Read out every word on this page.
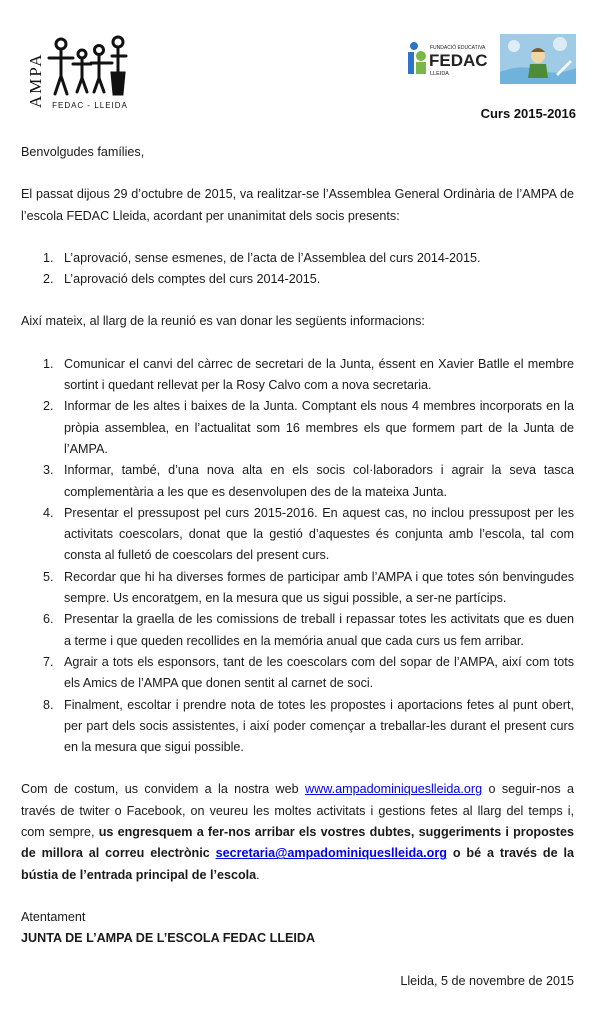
AMPA FEDAC - LLEIDA
FUNDACIÓ EDUCATIVA
FEDAC
LLEIDA
Curs 2015-2016

Benvolgudes famílies,

El passat dijous 29 d’octubre de 2015, va realitzar-se l’Assemblea General Ordinària de l’AMPA de l’escola FEDAC Lleida, acordant per unanimitat dels socis presents:

1. L’aprovació, sense esmenes, de l’acta de l’Assemblea del curs 2014-2015.
2. L’aprovació dels comptes del curs 2014-2015.

Així mateix, al llarg de la reunió es van donar les següents informacions:

1. Comunicar el canvi del càrrec de secretari de la Junta, éssent en Xavier Batlle el membre sortint i quedant rellevat per la Rosy Calvo com a nova secretaria.
2. Informar de les altes i baixes de la Junta. Comptant els nous 4 membres incorporats en la pròpia assemblea, en l’actualitat som 16 membres els que formem part de la Junta de l’AMPA.
3. Informar, també, d’una nova alta en els socis col·laboradors i agrair la seva tasca complementària a les que es desenvolupen des de la mateixa Junta.
4. Presentar el pressupost pel curs 2015-2016. En aquest cas, no inclou pressupost per les activitats coescolars, donat que la gestió d’aquestes és conjunta amb l’escola, tal com consta al fulletó de coescolars del present curs.
5. Recordar que hi ha diverses formes de participar amb l’AMPA i que totes són benvingudes sempre. Us encoratgem, en la mesura que us sigui possible, a ser-ne partícips.
6. Presentar la graella de les comissions de treball i repassar totes les activitats que es duen a terme i que queden recollides en la memória anual que cada curs us fem arribar.
7. Agrair a tots els esponsors, tant de les coescolars com del sopar de l’AMPA, així com tots els Amics de l’AMPA que donen sentit al carnet de soci.
8. Finalment, escoltar i prendre nota de totes les propostes i aportacions fetes al punt obert, per part dels socis assistentes, i així poder començar a treballar-les durant el present curs en la mesura que sigui possible.

Com de costum, us convidem a la nostra web www.ampadominiqueslleida.org o seguir-nos a través de twiter o Facebook, on veureu les moltes activitats i gestions fetes al llarg del temps i, com sempre, us engresquem a fer-nos arribar els vostres dubtes, suggeriments i propostes de millora al correu electrònic secretaria@ampadominiqueslleida.org o bé a través de la bústia de l’entrada principal de l’escola.

Atentament

JUNTA DE L’AMPA DE L’ESCOLA FEDAC LLEIDA

Lleida, 5 de novembre de 2015
